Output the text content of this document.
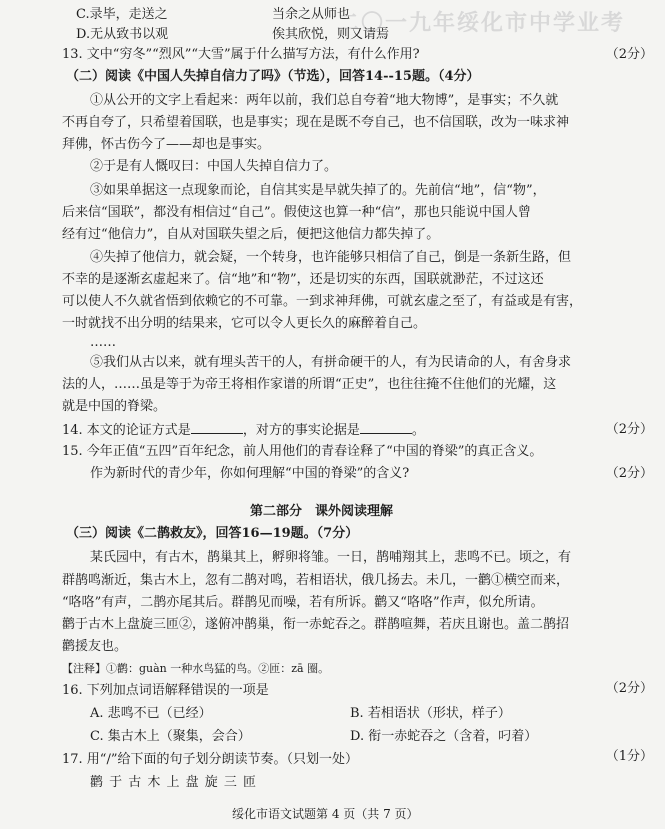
二〇一九年绥化市中学业考
C.录毕，走送之	当余之从师也
D.无从致书以观	俟其欣悦，则又请焉
13. 文中“穷冬”“烈风”“大雪”属于什么描写方法，有什么作用?	（2分）
（二）阅读《中国人失掉自信力了吗》（节选），回答14--15题。（4分）
①从公开的文字上看起来：两年以前，我们总自夸着“地大物博”，是事实；不久就
不再自夸了，只希望着国联，也是事实；现在是既不夸自己，也不信国联，改为一味求神
拜佛，怀古伤今了——却也是事实。
②于是有人慨叹曰：中国人失掉自信力了。
③如果单据这一点现象而论，自信其实是早就失掉了的。先前信“地”，信“物”，
后来信“国联”，都没有相信过“自己”。假使这也算一种“信”，那也只能说中国人曾
经有过“他信力”，自从对国联失望之后，便把这他信力都失掉了。
④失掉了他信力，就会疑，一个转身，也许能够只相信了自己，倒是一条新生路，但
不幸的是逐渐玄虚起来了。信“地”和“物”，还是切实的东西，国联就渺茫，不过这还
可以使人不久就省悟到依赖它的不可靠。一到求神拜佛，可就玄虚之至了，有益或是有害，
一时就找不出分明的结果来，它可以令人更长久的麻醉着自己。
……
⑤我们从古以来，就有埋头苦干的人，有拼命硬干的人，有为民请命的人，有舍身求
法的人，……虽是等于为帝王将相作家谱的所谓“正史”，也往往掩不住他们的光耀，这
就是中国的脊梁。
14. 本文的论证方式是	，对方的事实论据是	。	（2分）
15. 今年正值“五四”百年纪念，前人用他们的青春诠释了“中国的脊梁”的真正含义。
作为新时代的青少年，你如何理解“中国的脊梁”的含义?	（2分）
第二部分　课外阅读理解
（三）阅读《二鹊救友》，回答16—19题。（7分）
某氏园中，有古木，鹊巢其上，孵卵将雏。一日，鹊哺翔其上，悲鸣不已。顷之，有
群鹊鸣渐近，集古木上，忽有二鹊对鸣，若相语状，俄几扬去。未几，一鹳①横空而来，
“咯咯”有声，二鹊亦尾其后。群鹊见而噪，若有所诉。鹳又“咯咯”作声，似允所请。
鹳于古木上盘旋三匝②，遂俯冲鹊巢，衔一赤蛇吞之。群鹊喧舞，若庆且谢也。盖二鹊招
鹳援友也。
【注释】①鹳：guàn 一种水鸟猛的鸟。②匝：zā 圈。
16. 下列加点词语解释错误的一项是	（2分）
A. 悲鸣不已（已经）	B. 若相语状（形状，样子）
C. 集古木上（聚集，会合）	D. 衔一赤蛇吞之（含着，叼着）
17. 用“/”给下面的句子划分朗读节奏。（只划一处）	（1分）
鹳 于 古 木 上 盘 旋 三 匝
绥化市语文试题第 4 页（共 7 页）
